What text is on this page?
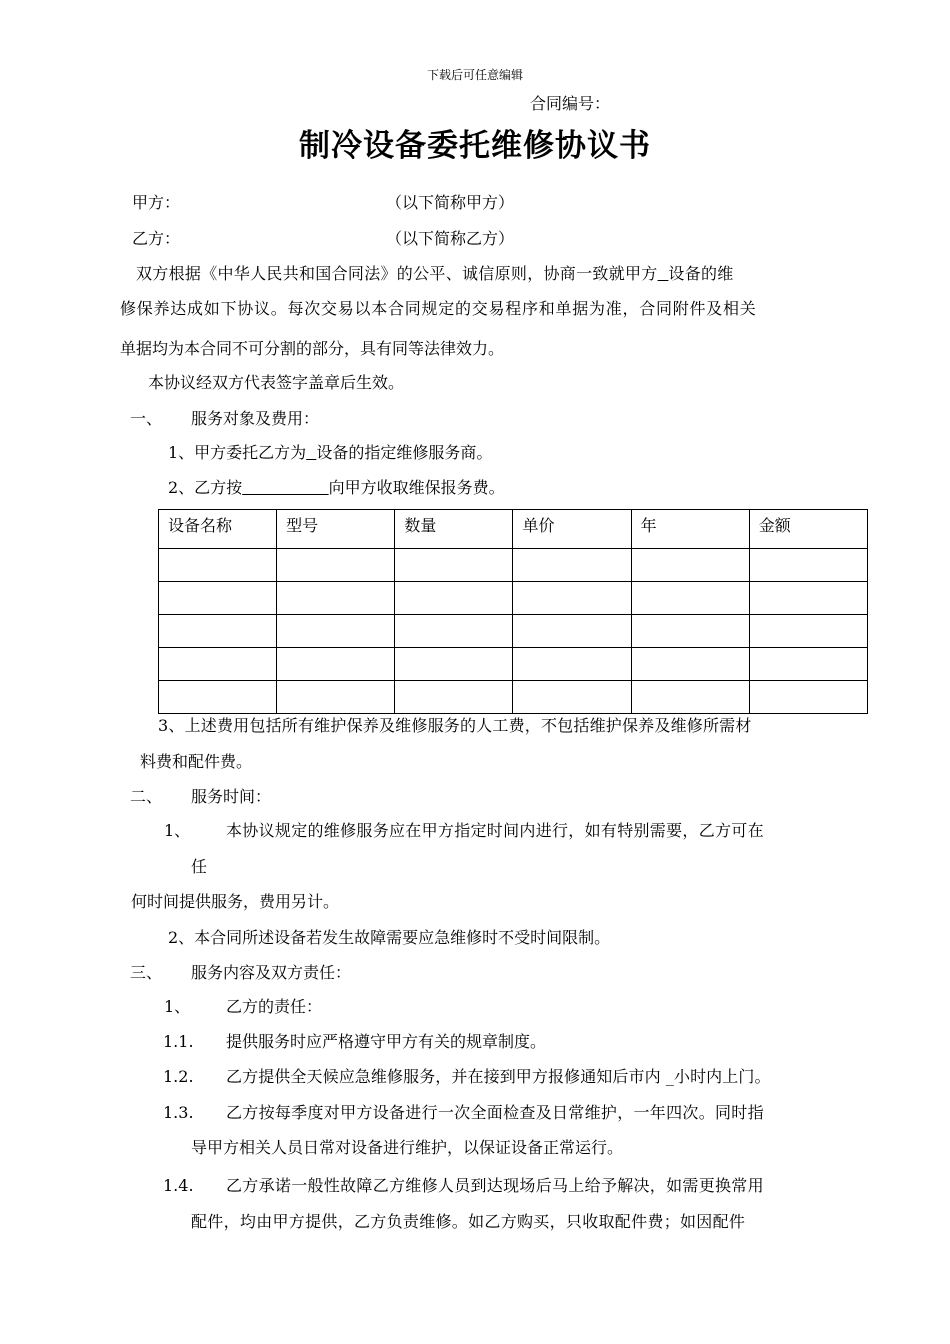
下载后可任意编辑
合同编号：
制冷设备委托维修协议书
甲方：	（以下简称甲方）
乙方：	（以下简称乙方）
双方根据《中华人民共和国合同法》的公平、诚信原则，协商一致就甲方 设备的维
修保养达成如下协议。每次交易以本合同规定的交易程序和单据为准，合同附件及相关
单据均为本合同不可分割的部分，具有同等法律效力。
本协议经双方代表签字盖章后生效。
一、 服务对象及费用：
1、甲方委托乙方为 设备的指定维修服务商。
2、乙方按	向甲方收取维保报务费。
设备名称	型号	数量	单价	年	金额

3、上述费用包括所有维护保养及维修服务的人工费，不包括维护保养及维修所需材
料费和配件费。
二、 服务时间：
1、 本协议规定的维修服务应在甲方指定时间内进行，如有特别需要，乙方可在
任
何时间提供服务，费用另计。
2、本合同所述设备若发生故障需要应急维修时不受时间限制。
三、 服务内容及双方责任：
1、 乙方的责任：
1.1. 提供服务时应严格遵守甲方有关的规章制度。
1.2. 乙方提供全天候应急维修服务，并在接到甲方报修通知后市内 _小时内上门。
1.3. 乙方按每季度对甲方设备进行一次全面检查及日常维护，一年四次。同时指
导甲方相关人员日常对设备进行维护，以保证设备正常运行。
1.4. 乙方承诺一般性故障乙方维修人员到达现场后马上给予解决，如需更换常用
配件，均由甲方提供，乙方负责维修。如乙方购买，只收取配件费；如因配件
